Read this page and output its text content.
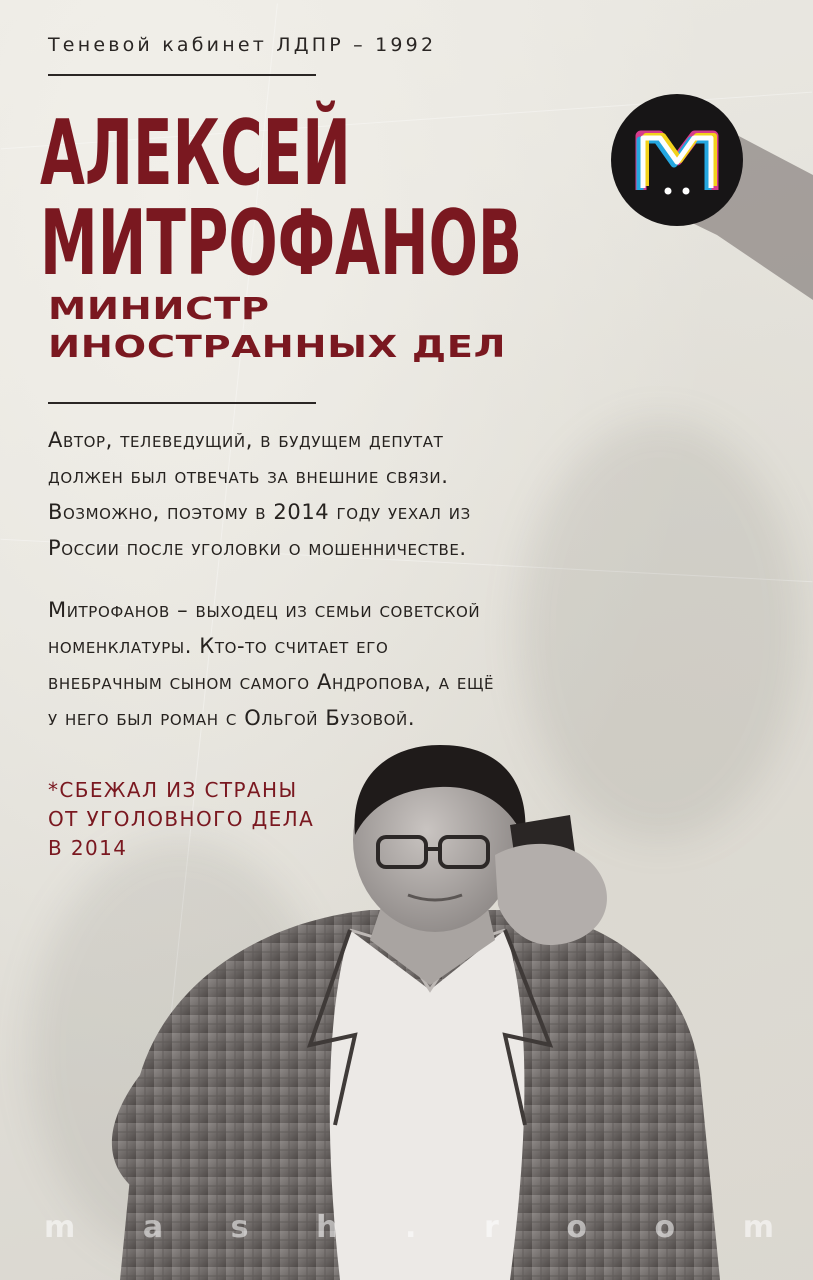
Теневой кабинет ЛДПР – 1992

АЛЕКСЕЙ
МИТРОФАНОВ
МИНИСТР
ИНОСТРАННЫХ ДЕЛ
Автор, телеведущий, в будущем депутат
должен был отвечать за внешние связи.
Возможно, поэтому в 2014 году уехал из
России после уголовки о мошенничестве.
Митрофанов – выходец из семьи советской
номенклатуры. Кто-то считает его
внебрачным сыном самого Андропова, а ещё
у него был роман с Ольгой Бузовой.
*СБЕЖАЛ ИЗ СТРАНЫ
ОТ УГОЛОВНОГО ДЕЛА
В 2014
m a s h . r o o m
